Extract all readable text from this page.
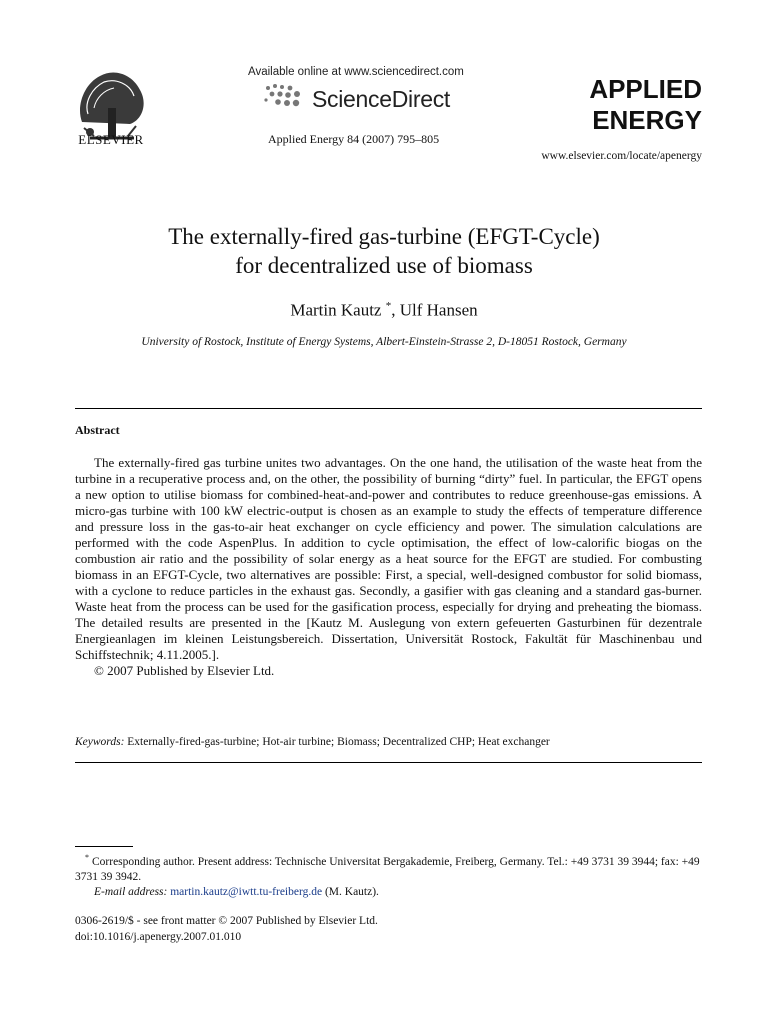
ELSEVIER
Available online at www.sciencedirect.com
ScienceDirect
Applied Energy 84 (2007) 795–805
APPLIED
ENERGY
www.elsevier.com/locate/apenergy
The externally-fired gas-turbine (EFGT-Cycle)
for decentralized use of biomass
Martin Kautz *, Ulf Hansen
University of Rostock, Institute of Energy Systems, Albert-Einstein-Strasse 2, D-18051 Rostock, Germany
Abstract

The externally-fired gas turbine unites two advantages. On the one hand, the utilisation of the waste heat from the turbine in a recuperative process and, on the other, the possibility of burning “dirty” fuel. In particular, the EFGT opens a new option to utilise biomass for combined-heat-and-power and contributes to reduce greenhouse-gas emissions. A micro-gas turbine with 100 kW electric-output is chosen as an example to study the effects of temperature difference and pressure loss in the gas-to-air heat exchanger on cycle efficiency and power. The simulation calculations are performed with the code AspenPlus. In addition to cycle optimisation, the effect of low-calorific biogas on the combustion air ratio and the possibility of solar energy as a heat source for the EFGT are studied. For combusting biomass in an EFGT-Cycle, two alternatives are possible: First, a special, well-designed combustor for solid biomass, with a cyclone to reduce particles in the exhaust gas. Secondly, a gasifier with gas cleaning and a standard gas-burner. Waste heat from the process can be used for the gasification process, especially for drying and preheating the biomass. The detailed results are presented in the [Kautz M. Auslegung von extern gefeuerten Gasturbinen für dezentrale Energieanlagen im kleinen Leistungsbereich. Dissertation, Universität Rostock, Fakultät für Maschinenbau und Schiffstechnik; 4.11.2005.].

© 2007 Published by Elsevier Ltd.

Keywords: Externally-fired-gas-turbine; Hot-air turbine; Biomass; Decentralized CHP; Heat exchanger
* Corresponding author. Present address: Technische Universitat Bergakademie, Freiberg, Germany. Tel.: +49 3731 39 3944; fax: +49 3731 39 3942.
E-mail address: martin.kautz@iwtt.tu-freiberg.de (M. Kautz).
0306-2619/$ - see front matter © 2007 Published by Elsevier Ltd.
doi:10.1016/j.apenergy.2007.01.010
